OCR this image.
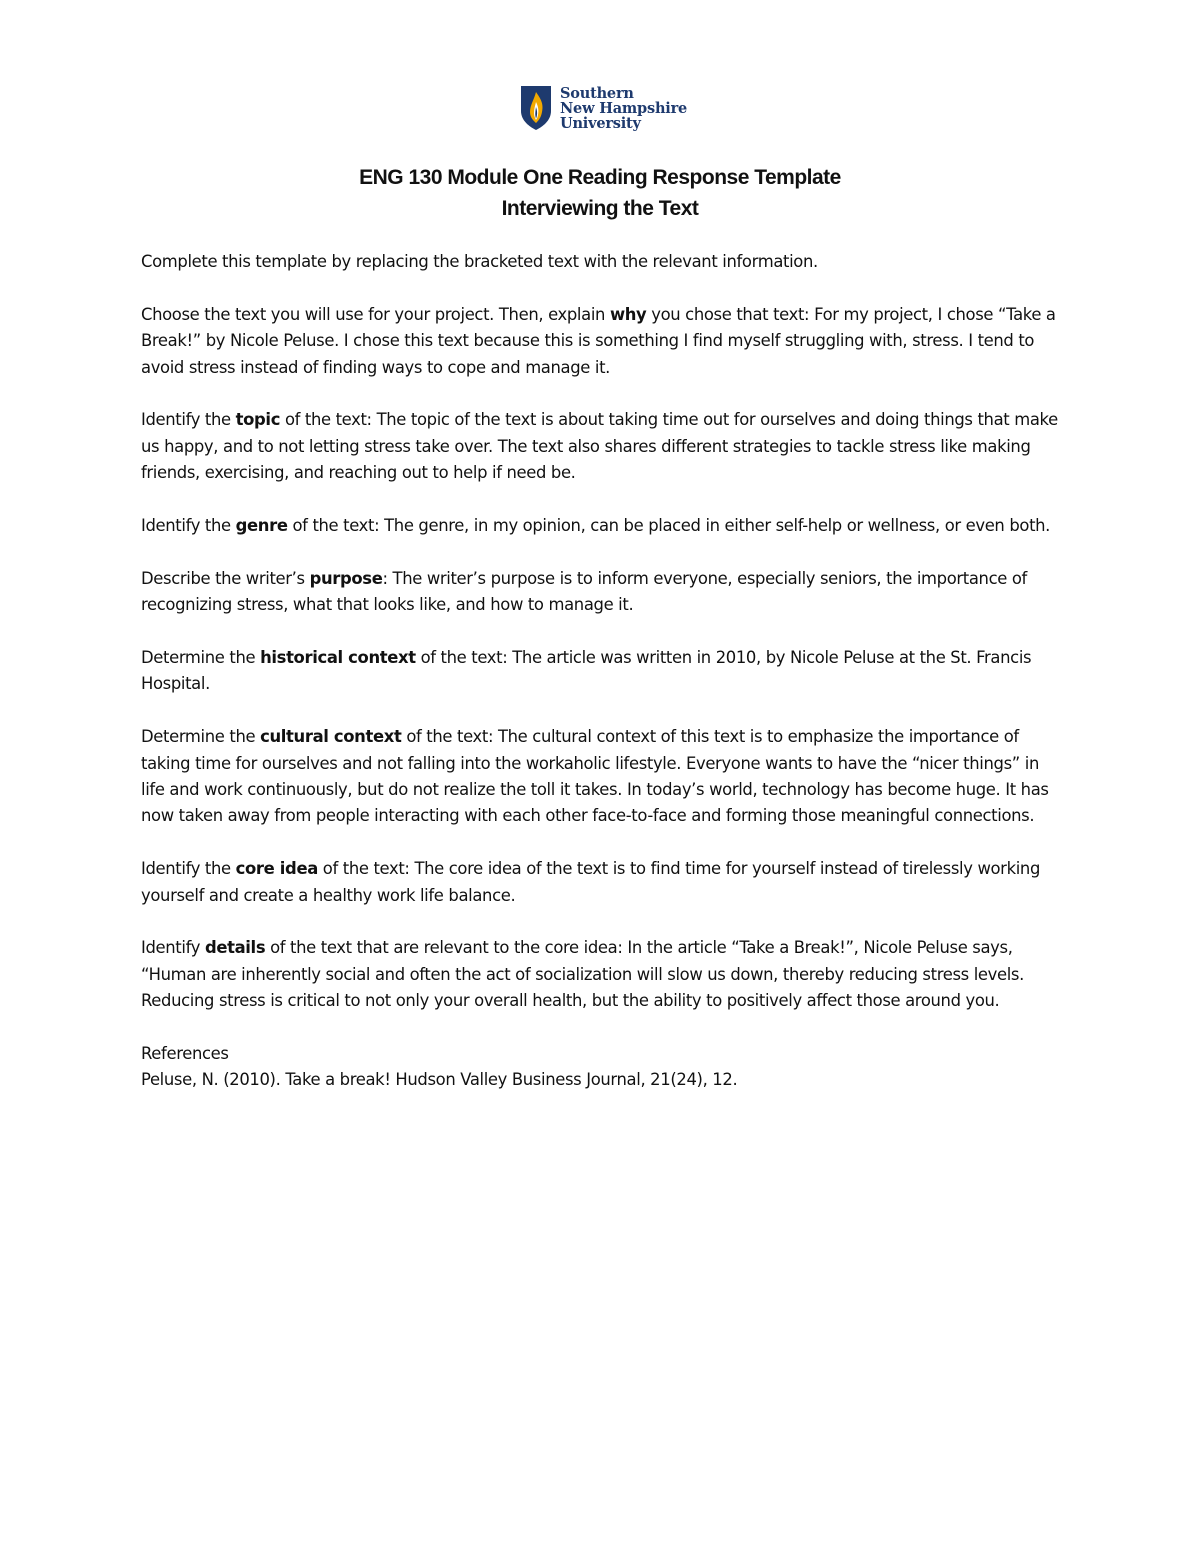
Southern
New Hampshire
University
ENG 130 Module One Reading Response Template
Interviewing the Text

Complete this template by replacing the bracketed text with the relevant information.

Choose the text you will use for your project. Then, explain why you chose that text: For my project, I chose “Take a Break!” by Nicole Peluse. I chose this text because this is something I find myself struggling with, stress. I tend to avoid stress instead of finding ways to cope and manage it.

Identify the topic of the text: The topic of the text is about taking time out for ourselves and doing things that make us happy, and to not letting stress take over. The text also shares different strategies to tackle stress like making friends, exercising, and reaching out to help if need be.

Identify the genre of the text: The genre, in my opinion, can be placed in either self-help or wellness, or even both.

Describe the writer’s purpose: The writer’s purpose is to inform everyone, especially seniors, the importance of recognizing stress, what that looks like, and how to manage it.

Determine the historical context of the text: The article was written in 2010, by Nicole Peluse at the St. Francis Hospital.

Determine the cultural context of the text: The cultural context of this text is to emphasize the importance of taking time for ourselves and not falling into the workaholic lifestyle. Everyone wants to have the “nicer things” in life and work continuously, but do not realize the toll it takes. In today’s world, technology has become huge. It has now taken away from people interacting with each other face-to-face and forming those meaningful connections.

Identify the core idea of the text: The core idea of the text is to find time for yourself instead of tirelessly working yourself and create a healthy work life balance.

Identify details of the text that are relevant to the core idea: In the article “Take a Break!”, Nicole Peluse says, “Human are inherently social and often the act of socialization will slow us down, thereby reducing stress levels. Reducing stress is critical to not only your overall health, but the ability to positively affect those around you.

References
Peluse, N. (2010). Take a break! Hudson Valley Business Journal, 21(24), 12.
